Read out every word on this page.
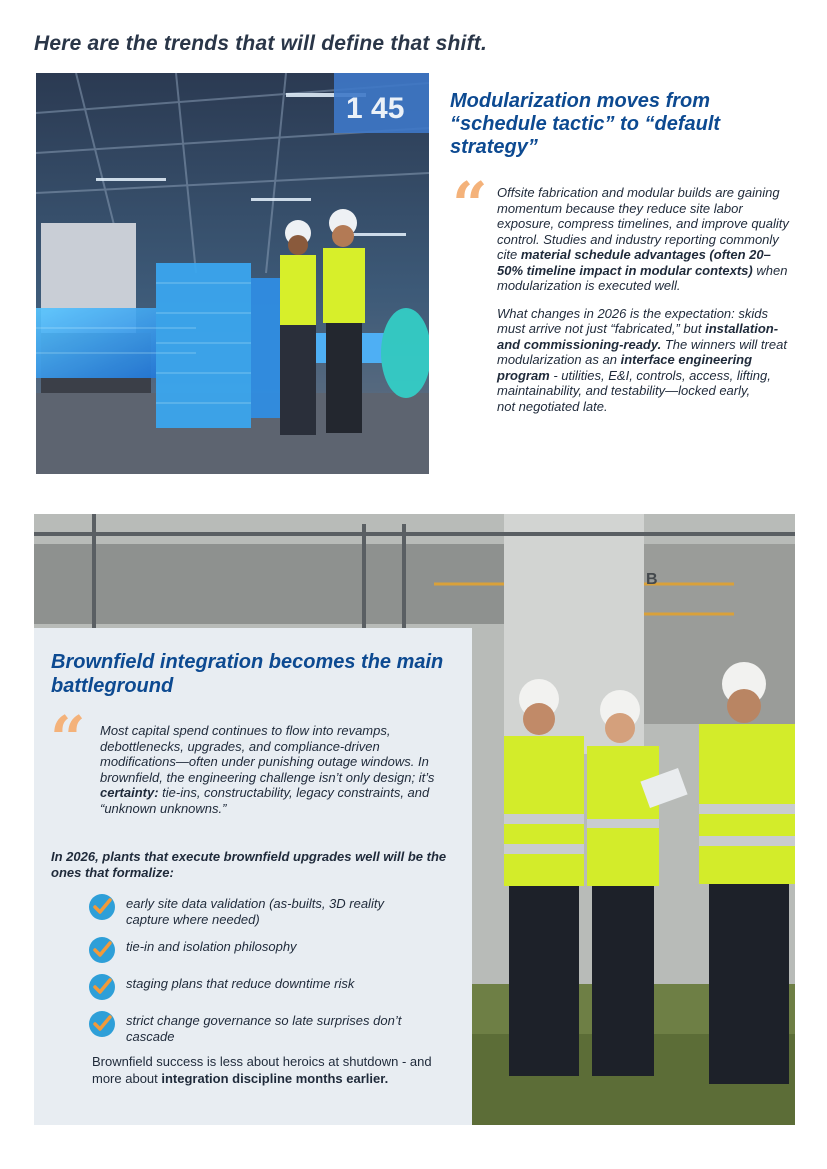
Here are the trends that will define that shift.
1 45 Modularization moves from “schedule tactic” to “default strategy”
“ Offsite fabrication and modular builds are gaining momentum because they reduce site labor exposure, compress timelines, and improve quality control. Studies and industry reporting commonly cite material schedule advantages (often 20–50% timeline impact in modular contexts) when modularization is executed well.

What changes in 2026 is the expectation: skids must arrive not just “fabricated,” but installation- and commissioning-ready. The winners will treat modularization as an interface engineering program - utilities, E&I, controls, access, lifting, maintainability, and testability—locked early,
not negotiated late.

B
Brownfield integration becomes the main battleground
“ Most capital spend continues to flow into revamps, debottlenecks, upgrades, and compliance-driven modifications—often under punishing outage windows. In brownfield, the engineering challenge isn’t only design; it’s certainty: tie-ins, constructability, legacy constraints, and “unknown unknowns.”

In 2026, plants that execute brownfield upgrades well will be the ones that formalize:

early site data validation (as-builts, 3D reality capture where needed)
tie-in and isolation philosophy
staging plans that reduce downtime risk
strict change governance so late surprises don’t cascade

Brownfield success is less about heroics at shutdown - and more about integration discipline months earlier.
